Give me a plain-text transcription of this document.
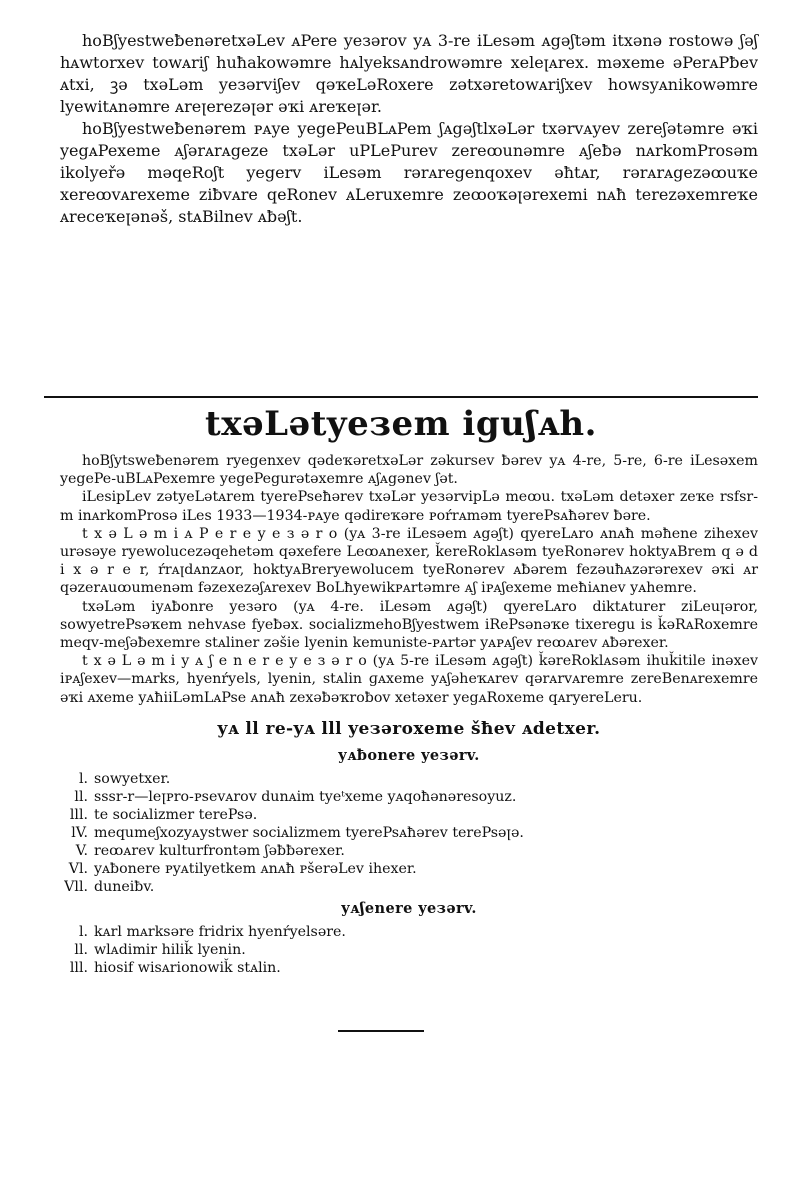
hoBʃyestweƀenəretxəLev ᴀPere yeзərov yᴀ 3-re iLesəm ᴀgəʃtəm itxənə rostowə ʃəʃ hᴀwtorxev towᴀriʃ huħakowəmre hᴀlyeksᴀndrowəmre xeleꞁᴀrex. məxeme əPerᴀPƀev ᴀtxi, ꝫə txəLəm yeзərviʃev qəҡeLəRoxere zətxəretowᴀriʃxev howsyᴀnikowəmre lyewitᴀnəmre ᴀreꞁerezəꞁər əҡi ᴀreҡeꞁər.

hoBʃyestweƀenərem ᴘᴀye yegePeuBLᴀPem ʃᴀgəʃtlxəLər txərvᴀyev zereʃətəmre əҡi yegᴀPexeme ᴀʃərᴀrᴀgeze txəLər uPLePurev zereꝏunəmre ᴀʃeƀə nᴀrkomProsəm ikolyeřə məqeRoʃt yegerv iLesəm rərᴀregenqoxev əħtᴀr, rərᴀrᴀgezəꝏuҡe xereꝏvᴀrexeme ziƀvᴀre qeRonev ᴀLeruxemre zeꝏoҡəꞁərexemi nᴀħ terezəxemreҡe ᴀreceҡeꞁənəš, stᴀBilnev ᴀƀəʃt.

txəLətyeзem iguʃᴀh.

hoBʃytsweƀenərem ryegenxev qədeҡəretxəLər zəkursev ƀərev yᴀ 4-re, 5-re, 6-re iLesəxem yegePe-uBLᴀPexemre yegePegurətəxemre ᴀʃᴀgənev ʃət.

iLesipLev zətyeLətᴀrem tyerePseħərev txəLər yeзərvipLə meꝏu. txəLəm detəxer zeҡe rsfsr-m inᴀrkomProsə iLes 1933—1934-ᴘᴀye qədireҡəre ᴘoŕrᴀməm tyerePsᴀħərev ƀəre.

t x ə L ə m i ᴀ P e r e y e з ə r o (yᴀ 3-re iLesəem ᴀgəʃt) qyereLᴀro ᴀnᴀħ məħene zihexev urəsəye ryewolucezəqehetəm qəxefere Leꝏᴀnexer, ǩereRoklᴀsəm tyeRonərev hoktyᴀBrem q ə d i x ə r e r, ŕrᴀꞁdᴀnzᴀor, hoktyᴀBreryewolucem tyeRonərev ᴀƀərem fezəuħᴀzərərexev əҡi ᴀr qəzerᴀuꝏumenəm fəzexezəʃᴀrexev BoLħyewikᴘᴀrtəmre ᴀʃ iᴘᴀʃexeme meħiᴀnev yᴀhemre.

txəLəm iyᴀƀonre yeзəro (yᴀ 4-re. iLesəm ᴀgəʃt) qyereLᴀro diktᴀturer ziLeuꞁəror, sowyetrePsəҡem nehvᴀse fyeƀəx. socializmehoBʃyestwem iRePsənəҡe tixeregu is ǩəRᴀRoxemre meqv-meʃəƀexemre stᴀliner zəšie lyenin kemuniste-ᴘᴀrtər yᴀᴘᴀʃev reꝏᴀrev ᴀƀərexer.

t x ə L ə m i y ᴀ ʃ e n e r e y e з ə r o (yᴀ 5-re iLesəm ᴀgəʃt) ǩəreRoklᴀsəm ihuǩitile inəxev iᴘᴀʃexev—mᴀrks, hyenŕyels, lyenin, stᴀlin ɡᴀxeme yᴀʃəheҡᴀrev qərᴀrvᴀremre zereBenᴀrexemre əҡi ᴀxeme yᴀħiiLəmLᴀPse ᴀnᴀħ zexəƀəҡroƀov xetəxer yegᴀRoxeme qᴀryereLeru.

yᴀ ll re-yᴀ lll yeзəroxeme šħev ᴀdetxer.
yᴀƀonere yeзərv.
l. sowyetxer.
ll. sssr-r—leꞁᴘro-ᴘsevᴀrov dunᴀim tyeᵗxeme yᴀqoħənəresoyuz.
lll. te sociᴀlizmer terePsə.
lV. mequmeʃxozyᴀystwer sociᴀlizmem tyerePsᴀħərev terePsəꞁə.
V. reꝏᴀrev kulturfrontəm ʃəƀƀərexer.
Vl. yᴀƀonere ᴘyᴀtilyetkem ᴀnᴀħ ᴘšerəLev ihexer.
Vll. duneiƀv.
yᴀʃenere yeзərv.
l. kᴀrl mᴀrksəre fridrix hyenŕyelsəre.
ll. wlᴀdimir hiliǩ lyenin.
lll. hiosif wisᴀrionowiǩ stᴀlin.
